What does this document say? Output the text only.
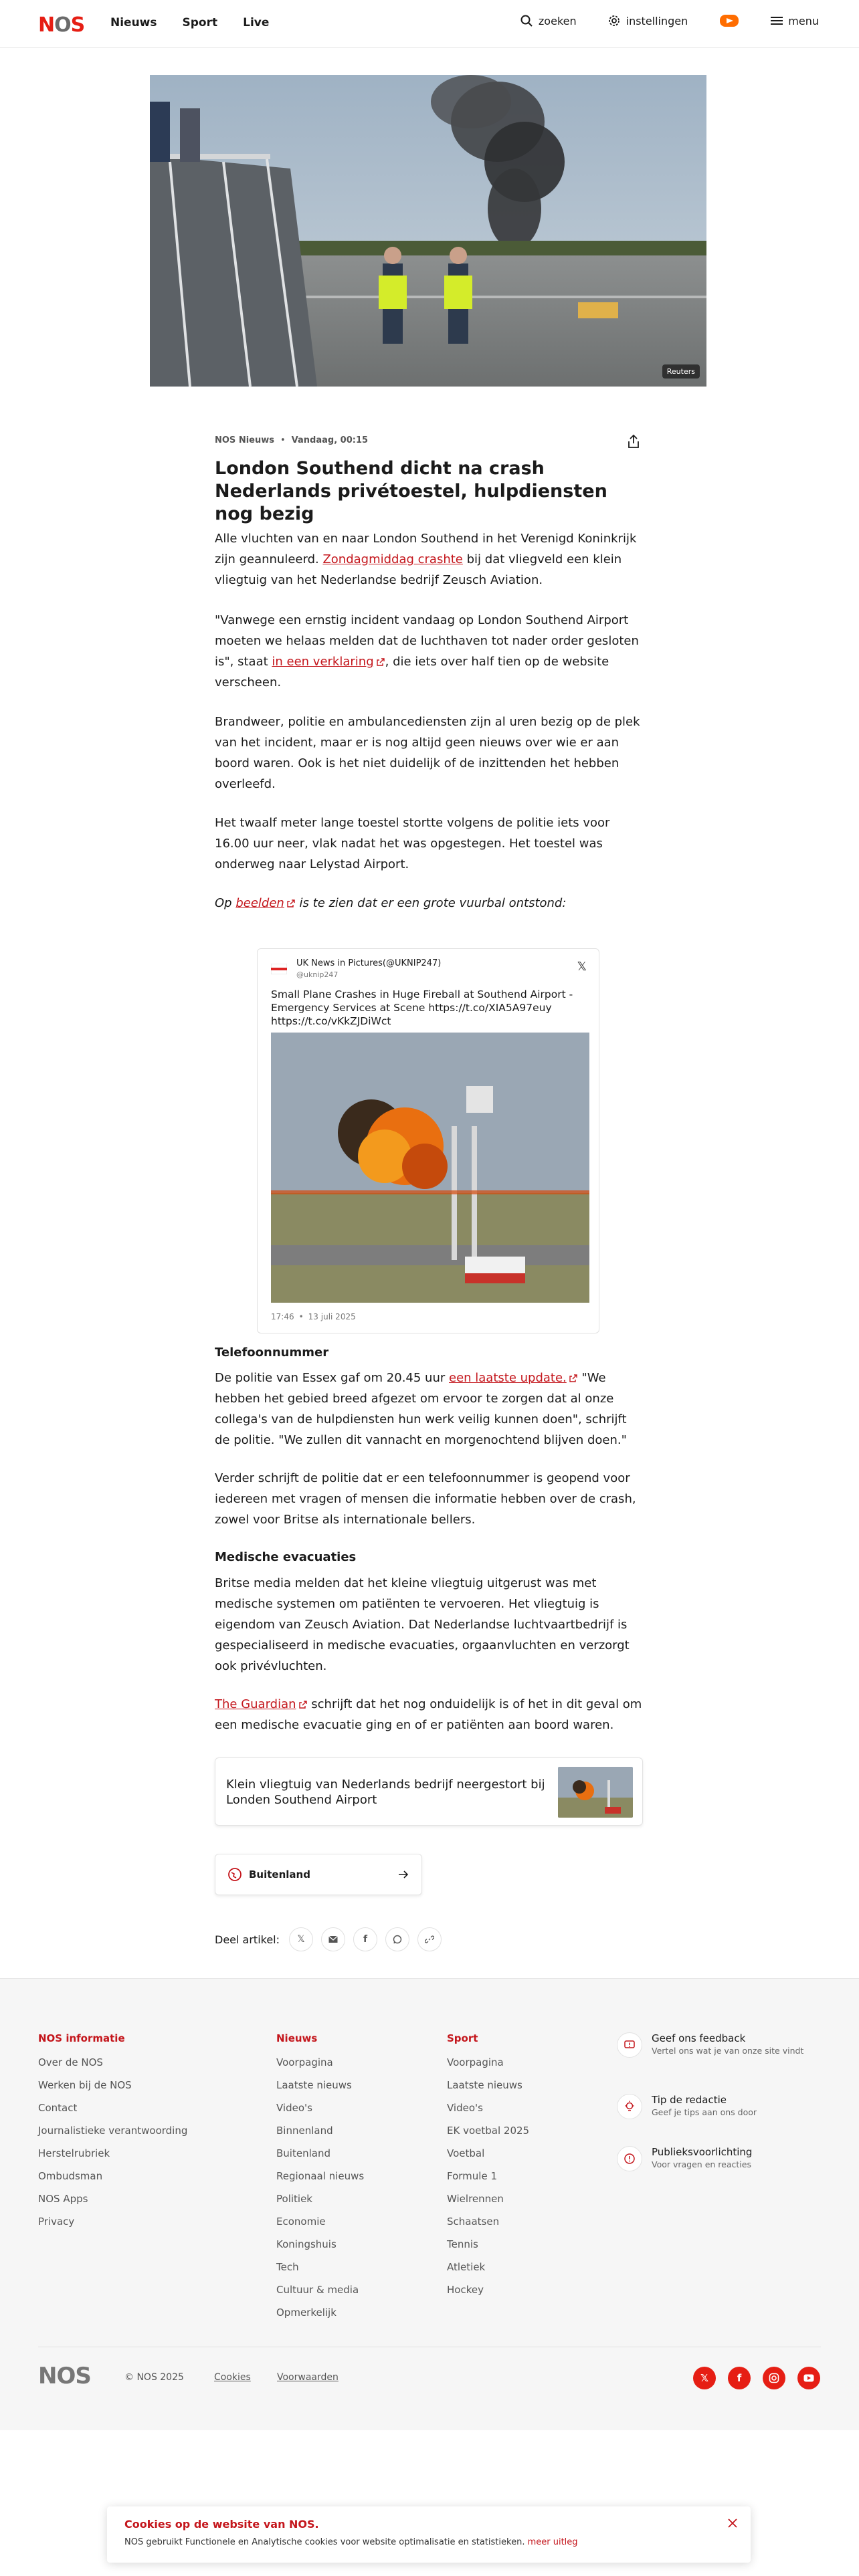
NOS Nieuws Sport Live	zoeken	instellingen	menu
Reuters
NOS Nieuws • Vandaag, 00:15
London Southend dicht na crash Nederlands privétoestel, hulpdiensten nog bezig

Alle vluchten van en naar London Southend in het Verenigd Koninkrijk zijn geannuleerd. Zondagmiddag crashte bij dat vliegveld een klein vliegtuig van het Nederlandse bedrijf Zeusch Aviation.

"Vanwege een ernstig incident vandaag op London Southend Airport moeten we helaas melden dat de luchthaven tot nader order gesloten is", staat in een verklaring , die iets over half tien op de website verscheen.

Brandweer, politie en ambulancediensten zijn al uren bezig op de plek van het incident, maar er is nog altijd geen nieuws over wie er aan boord waren. Ook is het niet duidelijk of de inzittenden het hebben overleefd.

Het twaalf meter lange toestel stortte volgens de politie iets voor 16.00 uur neer, vlak nadat het was opgestegen. Het toestel was onderweg naar Lelystad Airport.

Op beelden is te zien dat er een grote vuurbal ontstond:

UK News in Pictures(@UKNIP247)
@uknip247
𝕏
Small Plane Crashes in Huge Fireball at Southend Airport - Emergency Services at Scene https://t.co/XIA5A97euy https://t.co/vKkZJDiWct
17:46 • 13 juli 2025
Telefoonnummer

De politie van Essex gaf om 20.45 uur een laatste update. "We hebben het gebied breed afgezet om ervoor te zorgen dat al onze collega's van de hulpdiensten hun werk veilig kunnen doen", schrijft de politie. "We zullen dit vannacht en morgenochtend blijven doen."

Verder schrijft de politie dat er een telefoonnummer is geopend voor iedereen met vragen of mensen die informatie hebben over de crash, zowel voor Britse als internationale bellers.

Medische evacuaties

Britse media melden dat het kleine vliegtuig uitgerust was met medische systemen om patiënten te vervoeren. Het vliegtuig is eigendom van Zeusch Aviation. Dat Nederlandse luchtvaartbedrijf is gespecialiseerd in medische evacuaties, orgaanvluchten en verzorgt ook privévluchten.

The Guardian schrijft dat het nog onduidelijk is of het in dit geval om een medische evacuatie ging en of er patiënten aan boord waren.

Klein vliegtuig van Nederlands bedrijf neergestort bij Londen Southend Airport
Buitenland
Deel artikel: 𝕏	f
NOS informatie
Over de NOS
Werken bij de NOS
Contact
Journalistieke verantwoording
Herstelrubriek
Ombudsman
NOS Apps
Privacy
Nieuws
Voorpagina
Laatste nieuws
Video's
Binnenland
Buitenland
Regionaal nieuws
Politiek
Economie
Koningshuis
Tech
Cultuur & media
Opmerkelijk
Sport
Voorpagina
Laatste nieuws
Video's
EK voetbal 2025
Voetbal
Formule 1
Wielrennen
Schaatsen
Tennis
Atletiek
Hockey
Geef ons feedback
Vertel ons wat je van onze site vindt
Tip de redactie
Geef je tips aan ons door
Publieksvoorlichting
Voor vragen en reacties
NOS	© NOS 2025	Cookies	Voorwaarden	𝕏	f
Cookies op de website van NOS.
NOS gebruikt Functionele en Analytische cookies voor website optimalisatie en statistieken. meer uitleg
